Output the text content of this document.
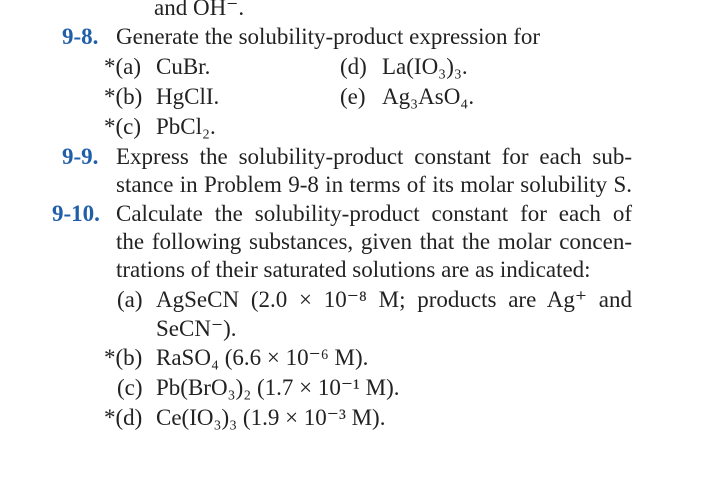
and OH⁻.
9-8. Generate the solubility-product expression for
*(a) CuBr.	(d) La(IO₃)₃.
*(b) HgClI.	(e) Ag₃AsO₄.
*(c) PbCl₂.
9-9. Express the solubility-product constant for each sub-
stance in Problem 9-8 in terms of its molar solubility S.
9-10. Calculate the solubility-product constant for each of
the following substances, given that the molar concen-
trations of their saturated solutions are as indicated:
(a) AgSeCN (2.0 × 10⁻⁸ M; products are Ag⁺ and
SeCN⁻).
*(b) RaSO₄ (6.6 × 10⁻⁶ M).
(c) Pb(BrO₃)₂ (1.7 × 10⁻¹ M).
*(d) Ce(IO₃)₃ (1.9 × 10⁻³ M).
